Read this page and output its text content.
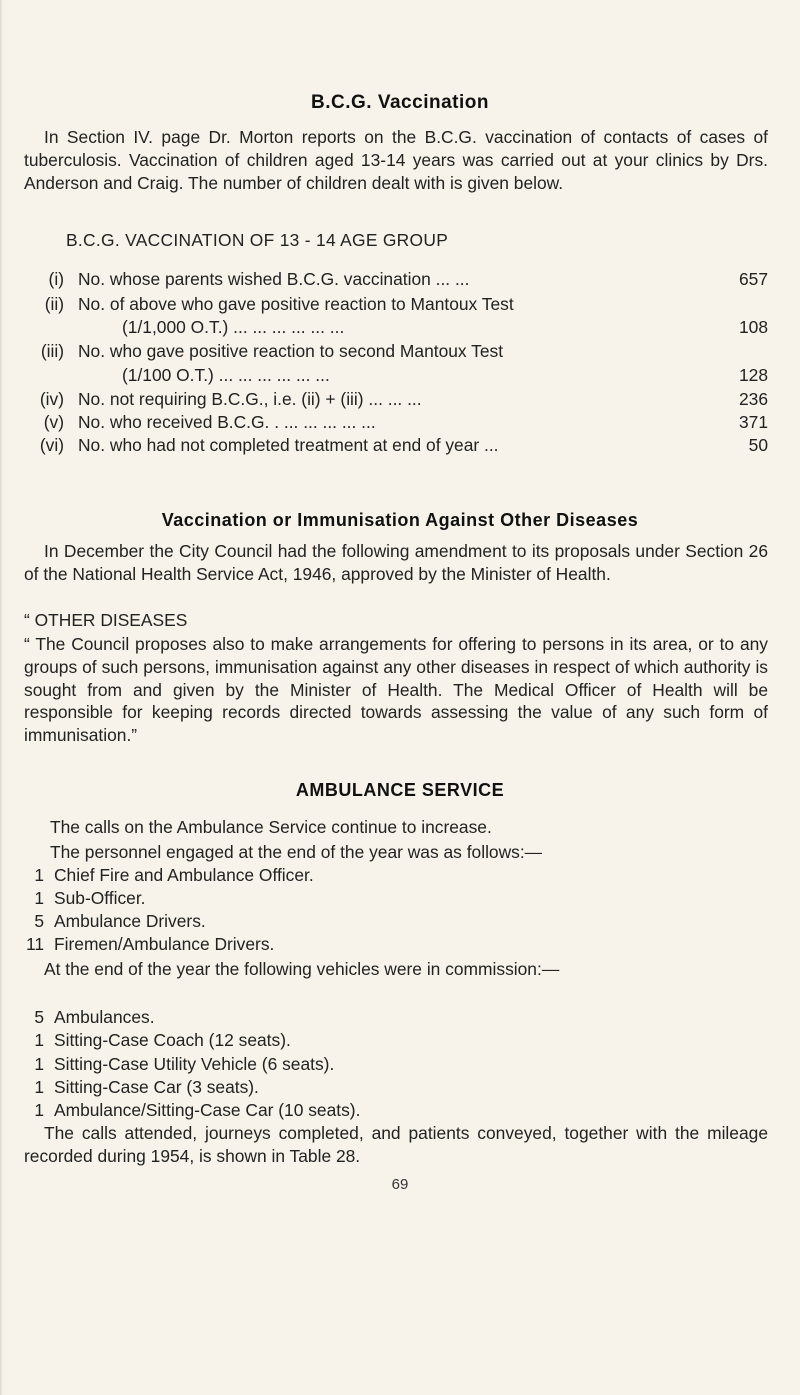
B.C.G. Vaccination
In Section IV. page Dr. Morton reports on the B.C.G. vaccination of contacts of cases of tuberculosis. Vaccination of children aged 13-14 years was carried out at your clinics by Drs. Anderson and Craig. The number of children dealt with is given below.
B.C.G. VACCINATION OF 13 - 14 AGE GROUP
(i) No. whose parents wished B.C.G. vaccination ... ...	657
(ii) No. of above who gave positive reaction to Mantoux Test
(1/1,000 O.T.) ... ... ... ... ... ...	108
(iii) No. who gave positive reaction to second Mantoux Test
(1/100 O.T.) ... ... ... ... ... ...	128
(iv) No. not requiring B.C.G., i.e. (ii) + (iii) ... ... ...	236
(v) No. who received B.C.G. . ... ... ... ... ...	371
(vi) No. who had not completed treatment at end of year ...	50
Vaccination or Immunisation Against Other Diseases
In December the City Council had the following amendment to its proposals under Section 26 of the National Health Service Act, 1946, approved by the Minister of Health.
“ OTHER DISEASES
“ The Council proposes also to make arrangements for offering to persons in its area, or to any groups of such persons, immunisation against any other diseases in respect of which authority is sought from and given by the Minister of Health. The Medical Officer of Health will be responsible for keeping records directed towards assessing the value of any such form of immunisation.”
AMBULANCE SERVICE
The calls on the Ambulance Service continue to increase.
The personnel engaged at the end of the year was as follows:—
1 Chief Fire and Ambulance Officer.
1 Sub-Officer.
5 Ambulance Drivers.
11 Firemen/Ambulance Drivers.
At the end of the year the following vehicles were in commission:—
5 Ambulances.
1 Sitting-Case Coach (12 seats).
1 Sitting-Case Utility Vehicle (6 seats).
1 Sitting-Case Car (3 seats).
1 Ambulance/Sitting-Case Car (10 seats).
The calls attended, journeys completed, and patients conveyed, together with the mileage recorded during 1954, is shown in Table 28.
69
